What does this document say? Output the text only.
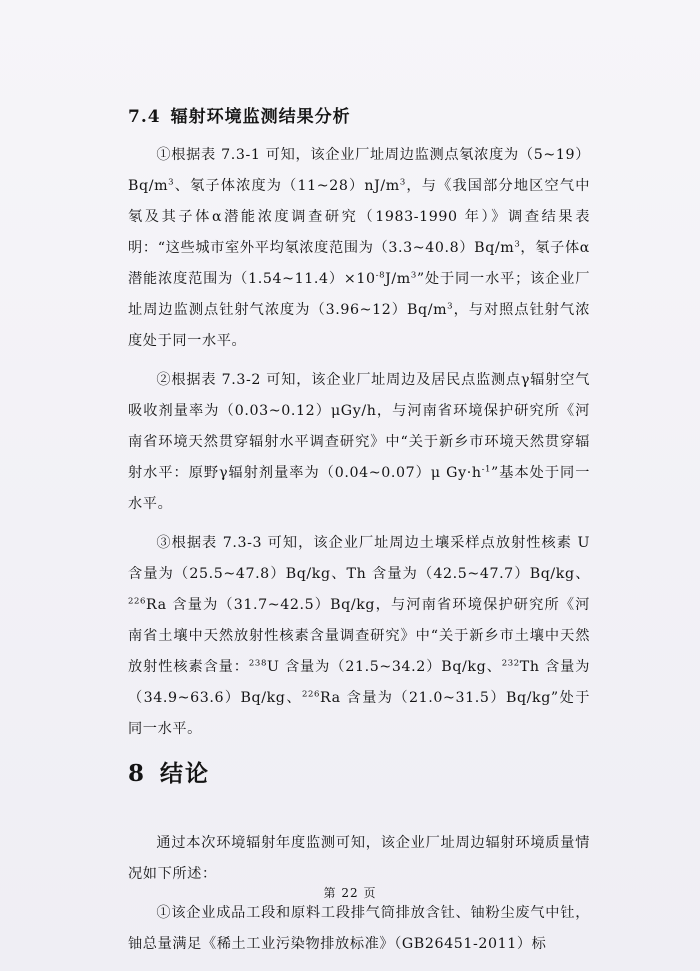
7.4 辐射环境监测结果分析

①根据表 7.3-1 可知，该企业厂址周边监测点氡浓度为$(5\sim 19)Bq/m^3$、氡子体浓度为$(11\sim 28)nJ/m^3$，与《我国部分地区空气中氡及其子体α潜能浓度调查研究（1983-1990 年）》调查结果表明：“这些城市室外平均氡浓度范围为$(3.3\sim 40.8)Bq/m^3$，氡子体α潜能浓度范围为$(1.54\sim 11.4)\times 10^{-8}J/m^3$”处于同一水平；该企业厂址周边监测点钍射气浓度为$(3.96\sim 12)Bq/m^3$，与对照点钍射气浓度处于同一水平。

②根据表 7.3-2 可知，该企业厂址周边及居民点监测点γ辐射空气吸收剂量率为（0.03~0.12）μGy/h，与河南省环境保护研究所《河南省环境天然贯穿辐射水平调查研究》中“关于新乡市环境天然贯穿辐射水平：原野γ辐射剂量率为（0.04~0.07）μ $Gy\cdot h^{-1}$”基本处于同一水平。

③根据表 7.3-3 可知，该企业厂址周边土壤采样点放射性核素 U 含量为（25.5~47.8）Bq/kg、Th 含量为（42.5~47.7）Bq/kg、$^{226}$Ra 含量为（31.7~42.5）Bq/kg，与河南省环境保护研究所《河南省土壤中天然放射性核素含量调查研究》中“关于新乡市土壤中天然放射性核素含量：$^{238}$U 含量为（21.5~34.2）Bq/kg、$^{232}$Th 含量为（34.9~63.6）Bq/kg、$^{226}$Ra 含量为（21.0~31.5）Bq/kg”处于同一水平。

8 结论

通过本次环境辐射年度监测可知，该企业厂址周边辐射环境质量情况如下所述：

①该企业成品工段和原料工段排气筒排放含钍、铀粉尘废气中钍，铀总量满足《稀土工业污染物排放标准》（GB26451-2011）标

第 22 页
